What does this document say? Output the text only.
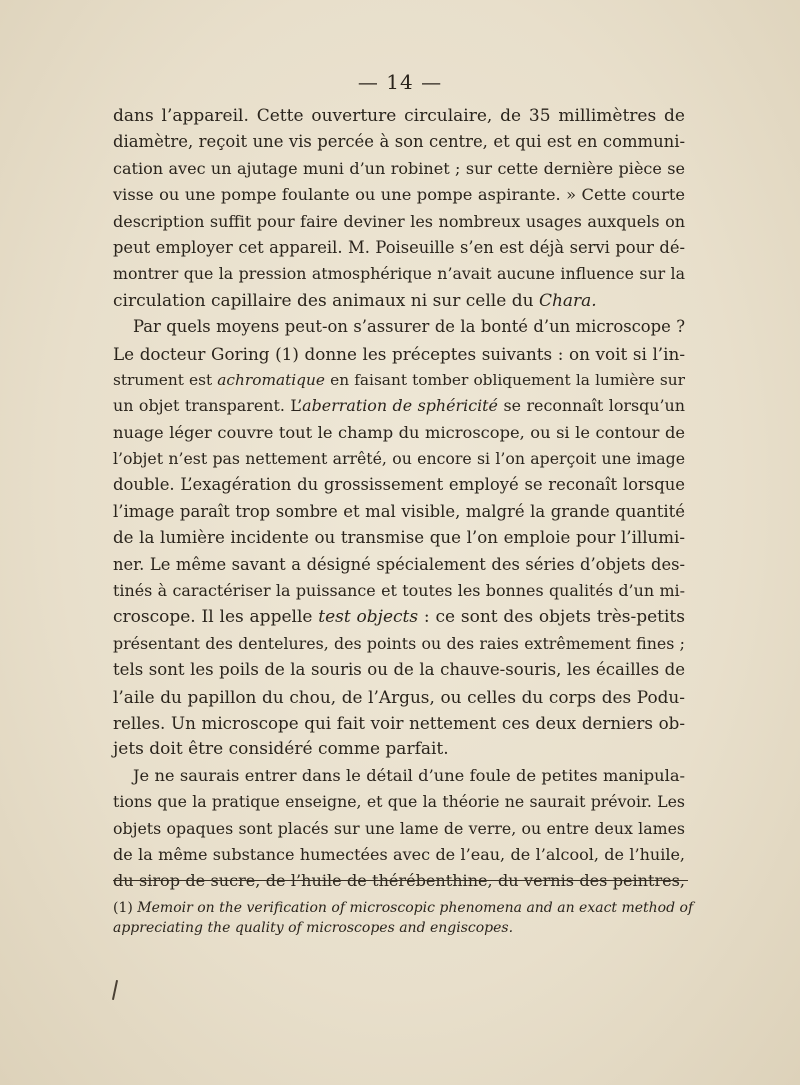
— 14 —
dans l’appareil. Cette ouverture circulaire, de 35 millimètres de
diamètre, reçoit une vis percée à son centre, et qui est en communi-
cation avec un ajutage muni d’un robinet ; sur cette dernière pièce se
visse ou une pompe foulante ou une pompe aspirante. » Cette courte
description suffit pour faire deviner les nombreux usages auxquels on
peut employer cet appareil. M. Poiseuille s’en est déjà servi pour dé-
montrer que la pression atmosphérique n’avait aucune influence sur la
circulation capillaire des animaux ni sur celle du Chara.
Par quels moyens peut-on s’assurer de la bonté d’un microscope ?
Le docteur Goring (1) donne les préceptes suivants : on voit si l’in-
strument est achromatique en faisant tomber obliquement la lumière sur
un objet transparent. L’aberration de sphéricité se reconnaît lorsqu’un
nuage léger couvre tout le champ du microscope, ou si le contour de
l’objet n’est pas nettement arrêté, ou encore si l’on aperçoit une image
double. L’exagération du grossissement employé se reconaît lorsque
l’image paraît trop sombre et mal visible, malgré la grande quantité
de la lumière incidente ou transmise que l’on emploie pour l’illumi-
ner. Le même savant a désigné spécialement des séries d’objets des-
tinés à caractériser la puissance et toutes les bonnes qualités d’un mi-
croscope. Il les appelle test objects : ce sont des objets très-petits
présentant des dentelures, des points ou des raies extrêmement fines ;
tels sont les poils de la souris ou de la chauve-souris, les écailles de
l’aile du papillon du chou, de l’Argus, ou celles du corps des Podu-
relles. Un microscope qui fait voir nettement ces deux derniers ob-
jets doit être considéré comme parfait.
Je ne saurais entrer dans le détail d’une foule de petites manipula-
tions que la pratique enseigne, et que la théorie ne saurait prévoir. Les
objets opaques sont placés sur une lame de verre, ou entre deux lames
de la même substance humectées avec de l’eau, de l’alcool, de l’huile,
du sirop de sucre, de l’huile de thérébenthine, du vernis des peintres,
(1) Memoir on the verification of microscopic phenomena and an exact method of
appreciating the quality of microscopes and engiscopes.
